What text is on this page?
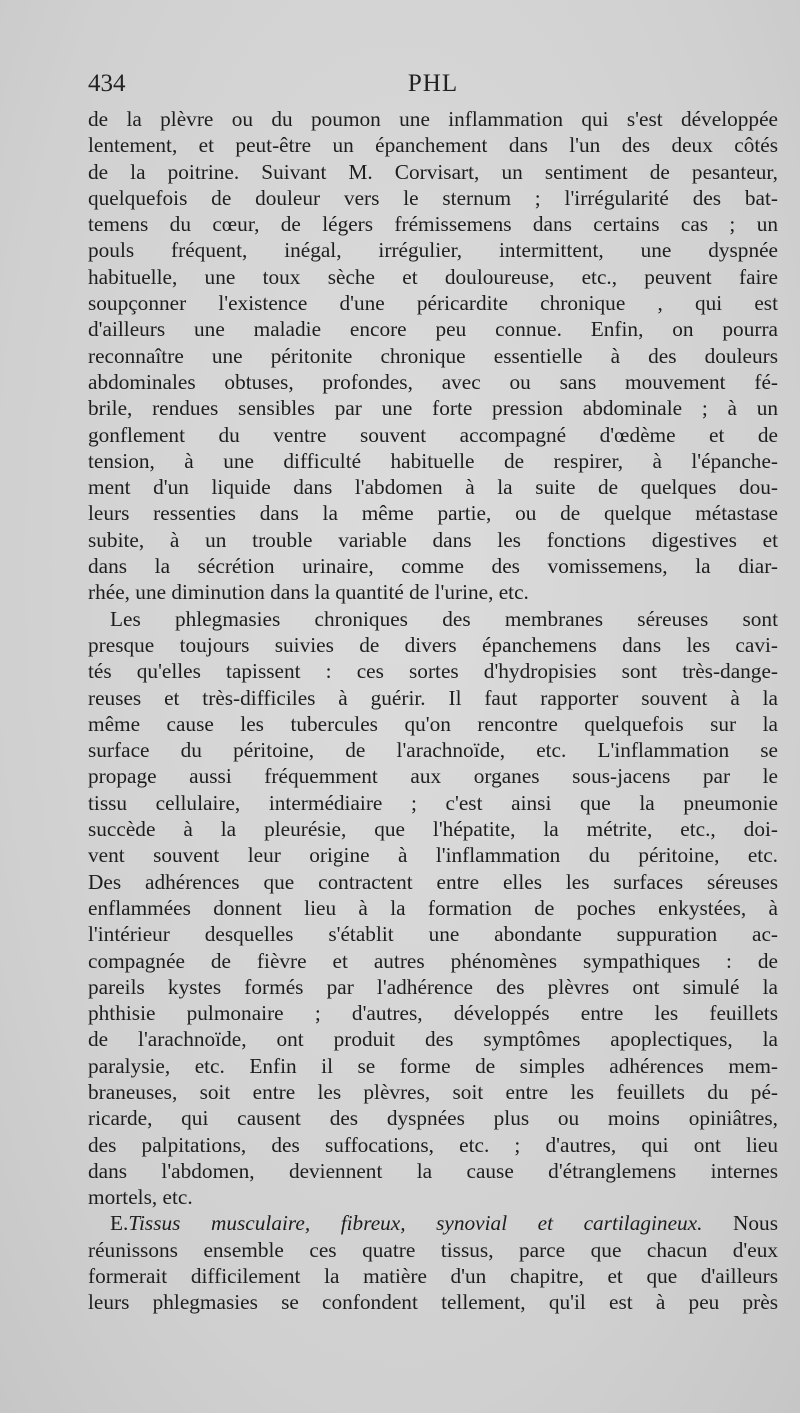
434	PHL
de la plèvre ou du poumon une inflammation qui s'est développée
lentement, et peut-être un épanchement dans l'un des deux côtés
de la poitrine. Suivant M. Corvisart, un sentiment de pesanteur,
quelquefois de douleur vers le sternum ; l'irrégularité des bat-
temens du cœur, de légers frémissemens dans certains cas ; un
pouls fréquent, inégal, irrégulier, intermittent, une dyspnée
habituelle, une toux sèche et douloureuse, etc., peuvent faire
soupçonner l'existence d'une péricardite chronique , qui est
d'ailleurs une maladie encore peu connue. Enfin, on pourra
reconnaître une péritonite chronique essentielle à des douleurs
abdominales obtuses, profondes, avec ou sans mouvement fé-
brile, rendues sensibles par une forte pression abdominale ; à un
gonflement du ventre souvent accompagné d'œdème et de
tension, à une difficulté habituelle de respirer, à l'épanche-
ment d'un liquide dans l'abdomen à la suite de quelques dou-
leurs ressenties dans la même partie, ou de quelque métastase
subite, à un trouble variable dans les fonctions digestives et
dans la sécrétion urinaire, comme des vomissemens, la diar-
rhée, une diminution dans la quantité de l'urine, etc.
Les phlegmasies chroniques des membranes séreuses sont
presque toujours suivies de divers épanchemens dans les cavi-
tés qu'elles tapissent : ces sortes d'hydropisies sont très-dange-
reuses et très-difficiles à guérir. Il faut rapporter souvent à la
même cause les tubercules qu'on rencontre quelquefois sur la
surface du péritoine, de l'arachnoïde, etc. L'inflammation se
propage aussi fréquemment aux organes sous-jacens par le
tissu cellulaire, intermédiaire ; c'est ainsi que la pneumonie
succède à la pleurésie, que l'hépatite, la métrite, etc., doi-
vent souvent leur origine à l'inflammation du péritoine, etc.
Des adhérences que contractent entre elles les surfaces séreuses
enflammées donnent lieu à la formation de poches enkystées, à
l'intérieur desquelles s'établit une abondante suppuration ac-
compagnée de fièvre et autres phénomènes sympathiques : de
pareils kystes formés par l'adhérence des plèvres ont simulé la
phthisie pulmonaire ; d'autres, développés entre les feuillets
de l'arachnoïde, ont produit des symptômes apoplectiques, la
paralysie, etc. Enfin il se forme de simples adhérences mem-
braneuses, soit entre les plèvres, soit entre les feuillets du pé-
ricarde, qui causent des dyspnées plus ou moins opiniâtres,
des palpitations, des suffocations, etc. ; d'autres, qui ont lieu
dans l'abdomen, deviennent la cause d'étranglemens internes
mortels, etc.
E.Tissus musculaire, fibreux, synovial et cartilagineux. Nous
réunissons ensemble ces quatre tissus, parce que chacun d'eux
formerait difficilement la matière d'un chapitre, et que d'ailleurs
leurs phlegmasies se confondent tellement, qu'il est à peu près
